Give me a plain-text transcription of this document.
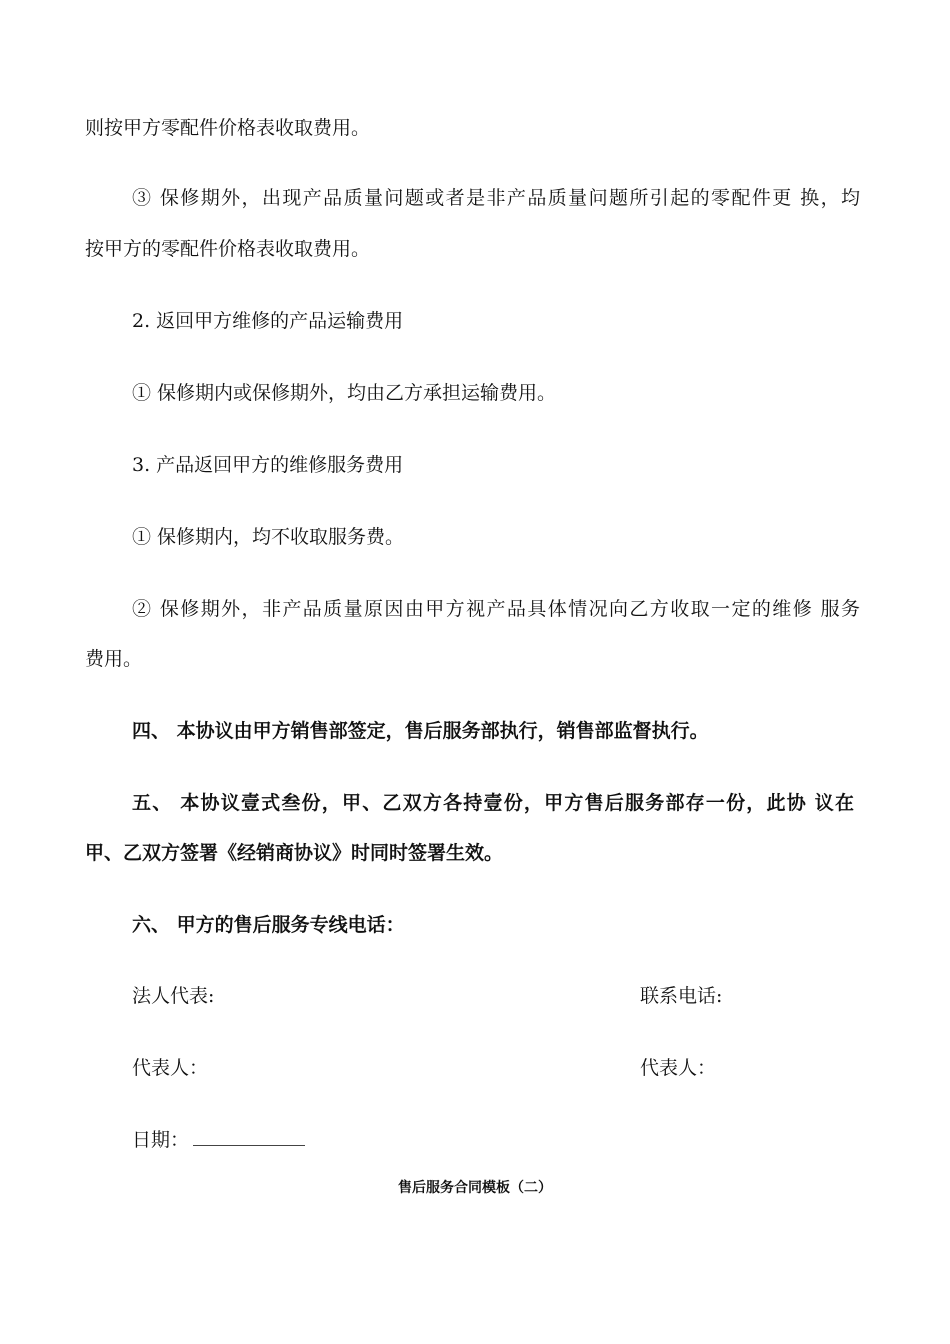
则按甲方零配件价格表收取费用。
③ 保修期外，出现产品质量问题或者是非产品质量问题所引起的零配件更 换，均
按甲方的零配件价格表收取费用。
2. 返回甲方维修的产品运输费用
① 保修期内或保修期外，均由乙方承担运输费用。
3. 产品返回甲方的维修服务费用
① 保修期内，均不收取服务费。
② 保修期外，非产品质量原因由甲方视产品具体情况向乙方收取一定的维修 服务
费用。
四、 本协议由甲方销售部签定，售后服务部执行，销售部监督执行。
五、 本协议壹式叁份，甲、乙双方各持壹份，甲方售后服务部存一份，此协 议在
甲、乙双方签署《经销商协议》时同时签署生效。
六、 甲方的售后服务专线电话：
法人代表:	联系电话:
代表人：	代表人：
日期：
售后服务合同模板（二）
